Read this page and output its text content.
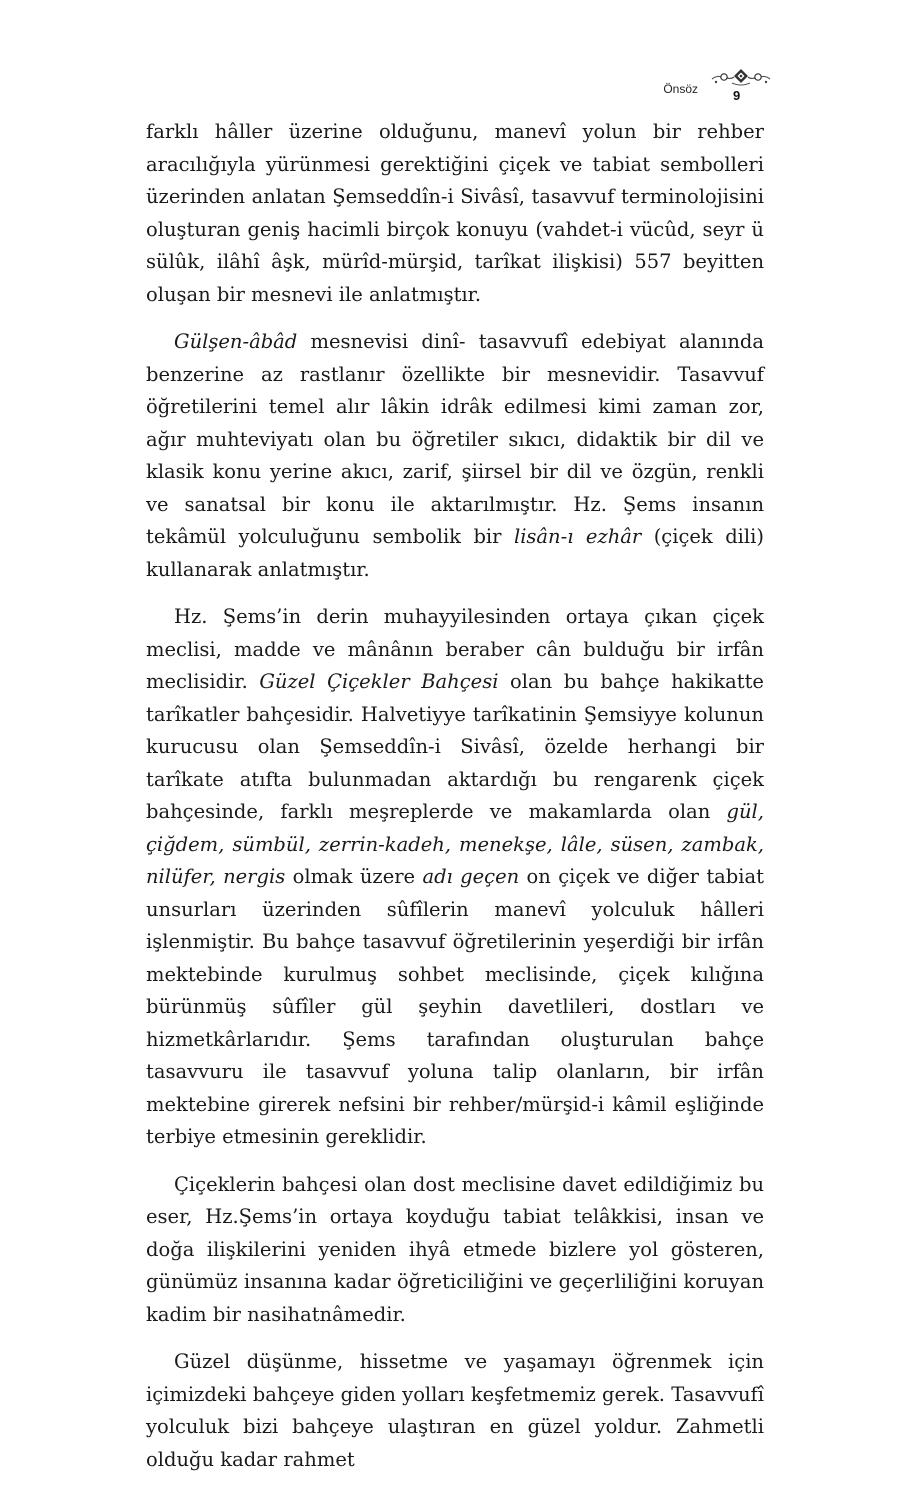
Önsöz	9

farklı hâller üzerine olduğunu, manevî yolun bir rehber aracılığıyla yürünmesi gerektiğini çiçek ve tabiat sembolleri üzerinden anlatan Şemseddîn-i Sivâsî, tasavvuf terminolojisini oluşturan geniş hacimli birçok konuyu (vahdet-i vücûd, seyr ü sülûk, ilâhî âşk, mürîd-mürşid, tarîkat ilişkisi) 557 beyitten oluşan bir mesnevi ile anlatmıştır.

Gülşen-âbâd mesnevisi dinî- tasavvufî edebiyat alanında benzerine az rastlanır özellikte bir mesnevidir. Tasavvuf öğretilerini temel alır lâkin idrâk edilmesi kimi zaman zor, ağır muhteviyatı olan bu öğretiler sıkıcı, didaktik bir dil ve klasik konu yerine akıcı, zarif, şiirsel bir dil ve özgün, renkli ve sanatsal bir konu ile aktarılmıştır. Hz. Şems insanın tekâmül yolculuğunu sembolik bir lisân-ı ezhâr (çiçek dili) kullanarak anlatmıştır.

Hz. Şems’in derin muhayyilesinden ortaya çıkan çiçek meclisi, madde ve mânânın beraber cân bulduğu bir irfân meclisidir. Güzel Çiçekler Bahçesi olan bu bahçe hakikatte tarîkatler bahçesidir. Halvetiyye tarîkatinin Şemsiyye kolunun kurucusu olan Şemseddîn-i Sivâsî, özelde herhangi bir tarîkate atıfta bulunmadan aktardığı bu rengarenk çiçek bahçesinde, farklı meşreplerde ve makamlarda olan gül, çiğdem, sümbül, zerrin-kadeh, menekşe, lâle, süsen, zambak, nilüfer, nergis olmak üzere adı geçen on çiçek ve diğer tabiat unsurları üzerinden sûfîlerin manevî yolculuk hâlleri işlenmiştir. Bu bahçe tasavvuf öğretilerinin yeşerdiği bir irfân mektebinde kurulmuş sohbet meclisinde, çiçek kılığına bürünmüş sûfîler gül şeyhin davetlileri, dostları ve hizmetkârlarıdır. Şems tarafından oluşturulan bahçe tasavvuru ile tasavvuf yoluna talip olanların, bir irfân mektebine girerek nefsini bir rehber/mürşid-i kâmil eşliğinde terbiye etmesinin gereklidir.

Çiçeklerin bahçesi olan dost meclisine davet edildiğimiz bu eser, Hz.Şems’in ortaya koyduğu tabiat telâkkisi, insan ve doğa ilişkilerini yeniden ihyâ etmede bizlere yol gösteren, günümüz insanına kadar öğreticiliğini ve geçerliliğini koruyan kadim bir nasihatnâmedir.

Güzel düşünme, hissetme ve yaşamayı öğrenmek için içimizdeki bahçeye giden yolları keşfetmemiz gerek. Tasavvufî yolculuk bizi bahçeye ulaştıran en güzel yoldur. Zahmetli olduğu kadar rahmet
